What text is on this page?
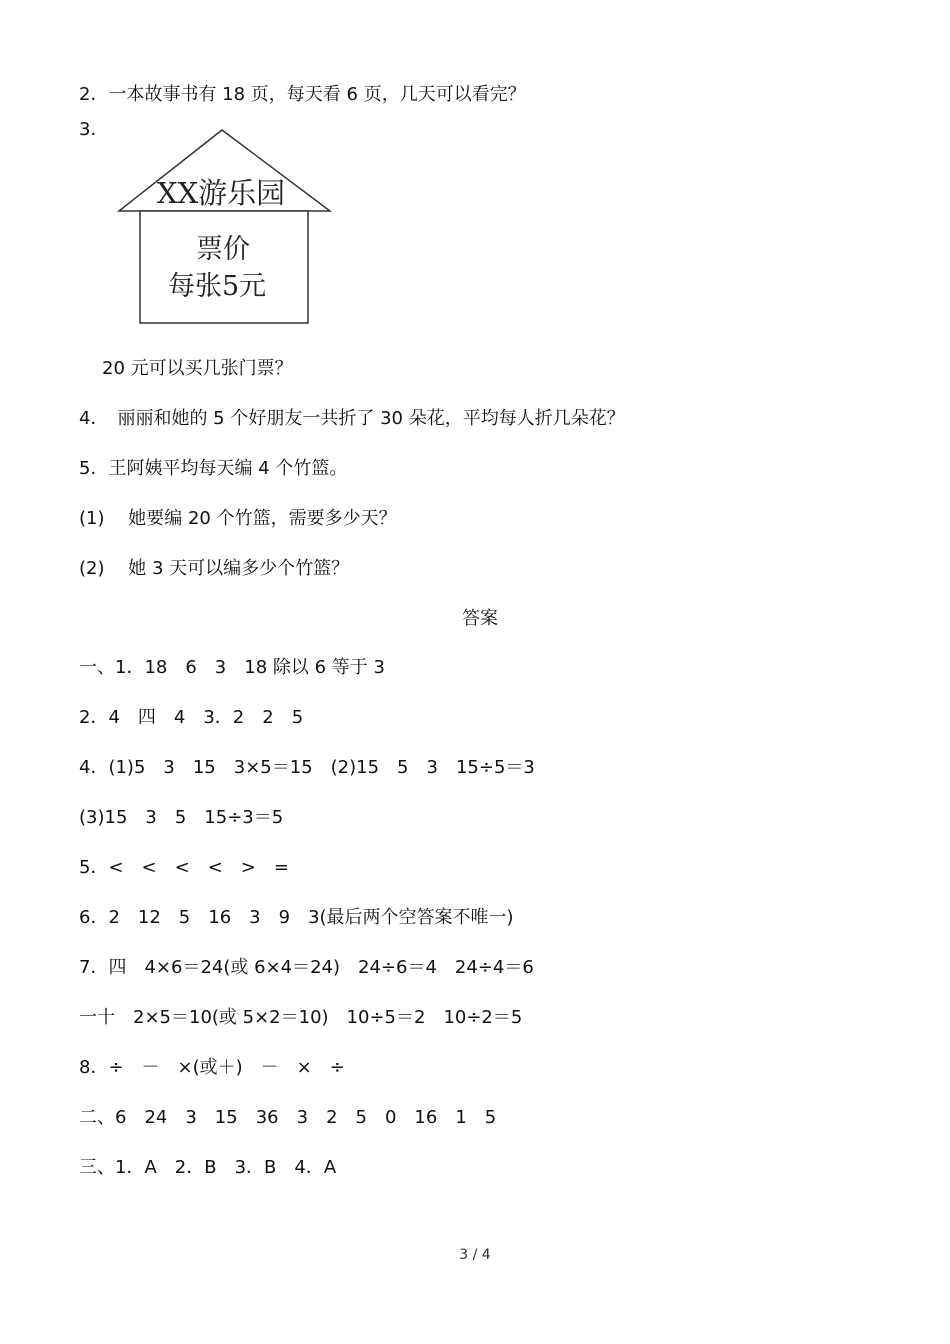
2．一本故事书有 18 页，每天看 6 页，几天可以看完？
3．
XX游乐园
票价
每张5元
20 元可以买几张门票？
4．　丽丽和她的 5 个好朋友一共折了 30 朵花，平均每人折几朵花？
5．王阿姨平均每天编 4 个竹篮。
(1)　 她要编 20 个竹篮，需要多少天？
(2)　 她 3 天可以编多少个竹篮？
答案
一、1．18　6　3　18 除以 6 等于 3
2．4　四　4　3．2　2　5
4．(1)5　3　15　3×5＝15　(2)15　5　3　15÷5＝3
(3)15　3　5　15÷3＝5
5．<　<　<　<　>　=
6．2　12　5　16　3　9　3(最后两个空答案不唯一)
7．四　4×6＝24(或 6×4＝24)　24÷6＝4　24÷4＝6
一十　2×5＝10(或 5×2＝10)　10÷5＝2　10÷2＝5
8．÷　－　×(或＋)　－　×　÷
二、6　24　3　15　36　3　2　5　0　16　1　5
三、1．A　2．B　3．B　4．A
3 / 4
